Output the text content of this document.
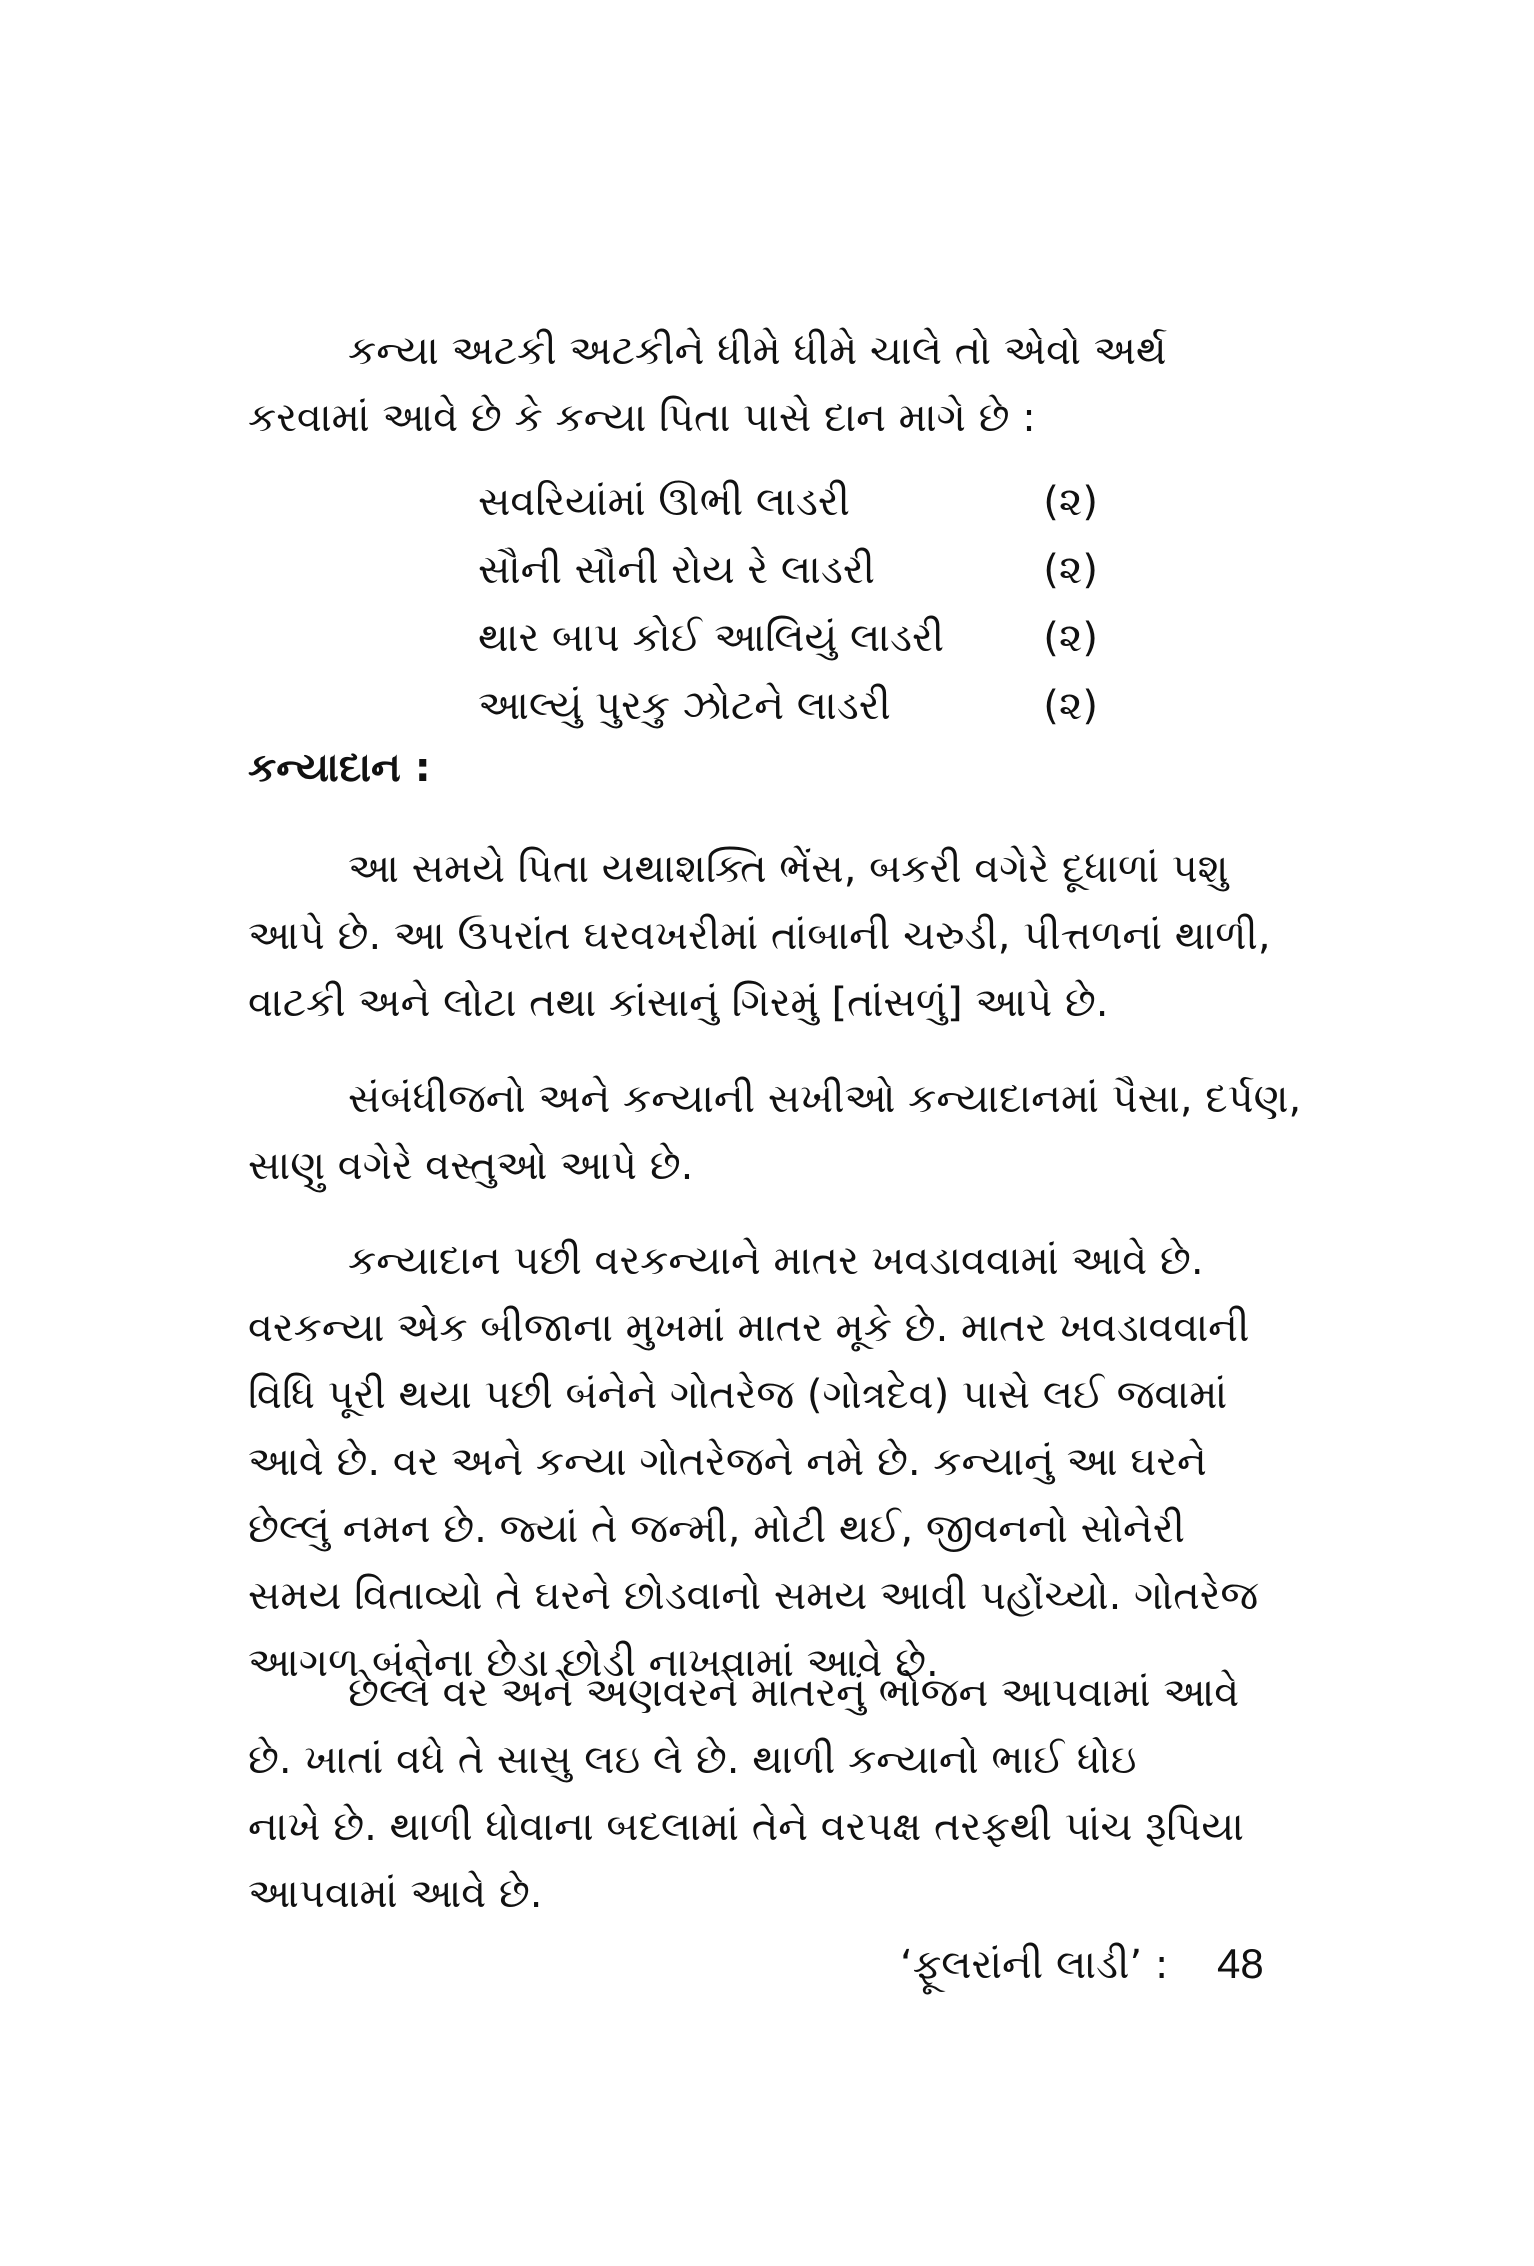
કન્યા અટકી અટકીને ધીમે ધીમે ચાલે તો એવો અર્થ
કરવામાં આવે છે કે કન્યા પિતા પાસે દાન માગે છે :

સવરિયાંમાં ઊભી લાડરી	(૨)
સૌની સૌની રોય રે લાડરી	(૨)
થાર બાપ કોઈ આલિયું લાડરી	(૨)
આલ્યું પુરકુ ઝોટને લાડરી	(૨)
કન્યાદાન :

આ સમયે પિતા યથાશક્તિ ભેંસ, બકરી વગેરે દૂધાળાં પશુ
આપે છે. આ ઉપરાંત ઘરવખરીમાં તાંબાની ચરુડી, પીત્તળનાં થાળી,
વાટકી અને લોટા તથા કાંસાનું ગિરમું [તાંસળું] આપે છે.

સંબંધીજનો અને કન્યાની સખીઓ કન્યાદાનમાં પૈસા, દર્પણ,
સાણુ વગેરે વસ્તુઓ આપે છે.

કન્યાદાન પછી વરકન્યાને માતર ખવડાવવામાં આવે છે.
વરકન્યા એક બીજાના મુખમાં માતર મૂકે છે. માતર ખવડાવવાની
વિધિ પૂરી થયા પછી બંનેને ગોતરેજ (ગોત્રદેવ) પાસે લઈ જવામાં
આવે છે. વર અને કન્યા ગોતરેજને નમે છે. કન્યાનું આ ઘરને
છેલ્લું નમન છે. જ્યાં તે જન્મી, મોટી થઈ, જીવનનો સોનેરી
સમય વિતાવ્યો તે ઘરને છોડવાનો સમય આવી પહોંચ્યો. ગોતરેજ
આગળ બંનેના છેડા છોડી નાખવામાં આવે છે.

છેલ્લે વર અને અણવરને માતરનું ભોજન આપવામાં આવે
છે. ખાતાં વધે તે સાસુ લઇ લે છે. થાળી કન્યાનો ભાઈ ધોઇ
નાખે છે. થાળી ધોવાના બદલામાં તેને વરપક્ષ તરફથી પાંચ રૂપિયા
આપવામાં આવે છે.

‘ફૂલરાંની લાડી’ : 48
